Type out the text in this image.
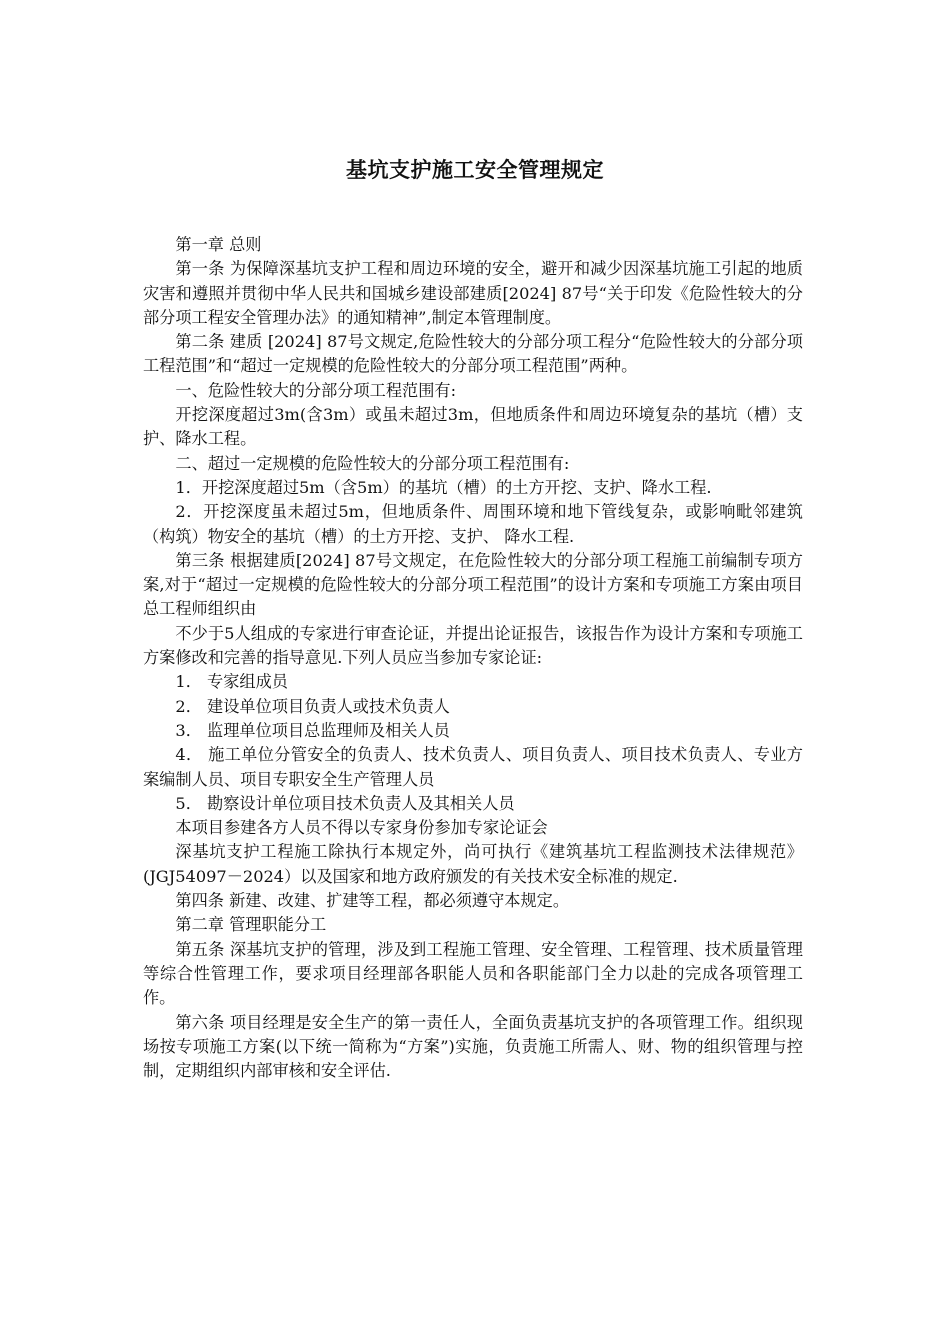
基坑支护施工安全管理规定

第一章 总则

第一条 为保障深基坑支护工程和周边环境的安全，避开和减少因深基坑施工引起的地质灾害和遵照并贯彻中华人民共和国城乡建设部建质[2024] 87号“关于印发《危险性较大的分部分项工程安全管理办法》的通知精神”,制定本管理制度。

第二条 建质 [2024] 87号文规定,危险性较大的分部分项工程分“危险性较大的分部分项工程范围”和“超过一定规模的危险性较大的分部分项工程范围”两种。

一、危险性较大的分部分项工程范围有:

开挖深度超过3m(含3m）或虽未超过3m，但地质条件和周边环境复杂的基坑（槽）支护、降水工程。

二、超过一定规模的危险性较大的分部分项工程范围有:

1．开挖深度超过5m（含5m）的基坑（槽）的土方开挖、支护、降水工程.

2．开挖深度虽未超过5m，但地质条件、周围环境和地下管线复杂，或影响毗邻建筑（构筑）物安全的基坑（槽）的土方开挖、支护、 降水工程.

第三条 根据建质[2024] 87号文规定，在危险性较大的分部分项工程施工前编制专项方案,对于“超过一定规模的危险性较大的分部分项工程范围”的设计方案和专项施工方案由项目总工程师组织由

不少于5人组成的专家进行审查论证，并提出论证报告，该报告作为设计方案和专项施工方案修改和完善的指导意见.下列人员应当参加专家论证:

1． 专家组成员

2． 建设单位项目负责人或技术负责人

3． 监理单位项目总监理师及相关人员

4． 施工单位分管安全的负责人、技术负责人、项目负责人、项目技术负责人、专业方案编制人员、项目专职安全生产管理人员

5． 勘察设计单位项目技术负责人及其相关人员

本项目参建各方人员不得以专家身份参加专家论证会

深基坑支护工程施工除执行本规定外，尚可执行《建筑基坑工程监测技术法律规范》(JGJ54097－2024）以及国家和地方政府颁发的有关技术安全标准的规定.

第四条 新建、改建、扩建等工程，都必须遵守本规定。

第二章 管理职能分工

第五条 深基坑支护的管理，涉及到工程施工管理、安全管理、工程管理、技术质量管理等综合性管理工作，要求项目经理部各职能人员和各职能部门全力以赴的完成各项管理工作。

第六条 项目经理是安全生产的第一责任人，全面负责基坑支护的各项管理工作。组织现场按专项施工方案(以下统一简称为“方案”)实施，负责施工所需人、财、物的组织管理与控制，定期组织内部审核和安全评估.
